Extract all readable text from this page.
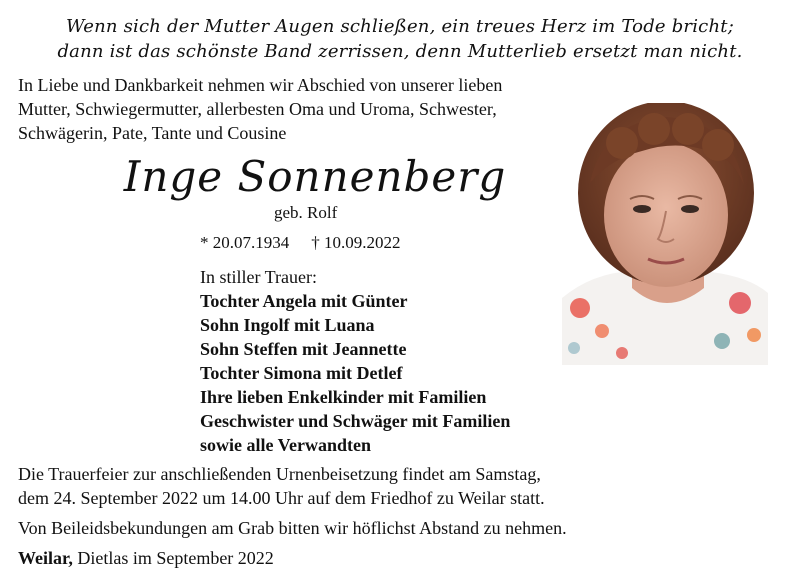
Wenn sich der Mutter Augen schließen, ein treues Herz im Tode bricht;
dann ist das schönste Band zerrissen, denn Mutterlieb ersetzt man nicht.
In Liebe und Dankbarkeit nehmen wir Abschied von unserer lieben
Mutter, Schwiegermutter, allerbesten Oma und Uroma, Schwester,
Schwägerin, Pate, Tante und Cousine
Inge Sonnenberg
geb. Rolf
* 20.07.1934 † 10.09.2022
In stiller Trauer:
Tochter Angela mit Günter
Sohn Ingolf mit Luana
Sohn Steffen mit Jeannette
Tochter Simona mit Detlef
Ihre lieben Enkelkinder mit Familien
Geschwister und Schwäger mit Familien
sowie alle Verwandten
Die Trauerfeier zur anschließenden Urnenbeisetzung findet am Samstag,
dem 24. September 2022 um 14.00 Uhr auf dem Friedhof zu Weilar statt.
Von Beileidsbekundungen am Grab bitten wir höflichst Abstand zu nehmen.
Weilar, Dietlas im September 2022
